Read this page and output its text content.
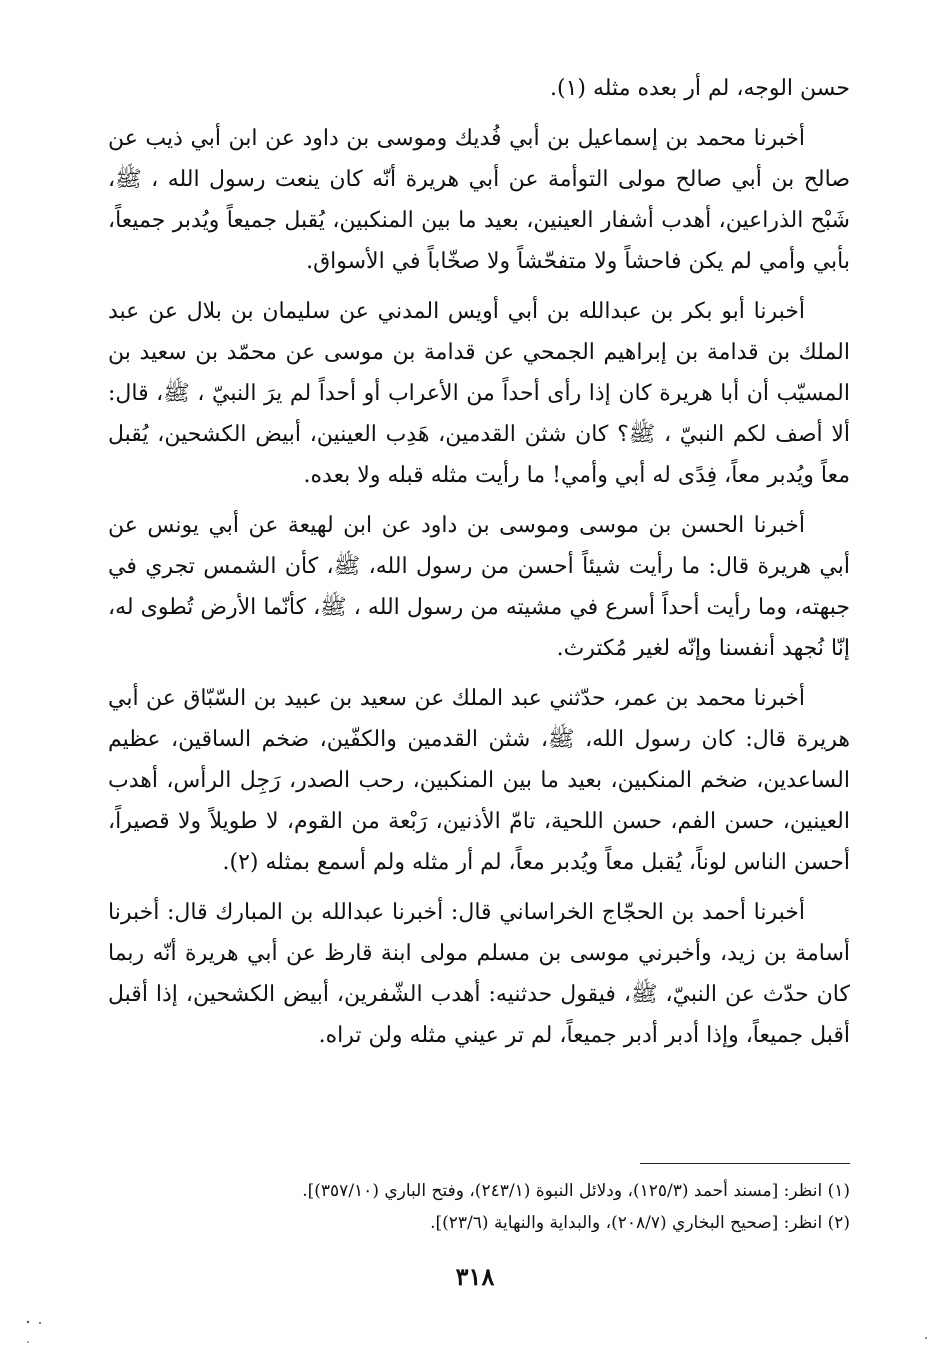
حسن الوجه، لم أر بعده مثله (١).

أخبرنا محمد بن إسماعيل بن أبي فُديك وموسى بن داود عن ابن أبي ذيب عن صالح بن أبي صالح مولى التوأمة عن أبي هريرة أنّه كان ينعت رسول الله ، ﷺ، شَبْح الذراعين، أهدب أشفار العينين، بعيد ما بين المنكبين، يُقبل جميعاً ويُدبر جميعاً، بأبي وأمي لم يكن فاحشاً ولا متفحّشاً ولا صخّاباً في الأسواق.

أخبرنا أبو بكر بن عبدالله بن أبي أويس المدني عن سليمان بن بلال عن عبد الملك بن قدامة بن إبراهيم الجمحي عن قدامة بن موسى عن محمّد بن سعيد بن المسيّب أن أبا هريرة كان إذا رأى أحداً من الأعراب أو أحداً لم يرَ النبيّ ، ﷺ، قال: ألا أصف لكم النبيّ ، ﷺ؟ كان شثن القدمين، هَدِب العينين، أبيض الكشحين، يُقبل معاً ويُدبر معاً، فِدًى له أبي وأمي! ما رأيت مثله قبله ولا بعده.

أخبرنا الحسن بن موسى وموسى بن داود عن ابن لهيعة عن أبي يونس عن أبي هريرة قال: ما رأيت شيئاً أحسن من رسول الله، ﷺ، كأن الشمس تجري في جبهته، وما رأيت أحداً أسرع في مشيته من رسول الله ، ﷺ، كأنّما الأرض تُطوى له، إنّا نُجهد أنفسنا وإنّه لغير مُكترث.

أخبرنا محمد بن عمر، حدّثني عبد الملك عن سعيد بن عبيد بن السّبّاق عن أبي هريرة قال: كان رسول الله، ﷺ، شثن القدمين والكفّين، ضخم الساقين، عظيم الساعدين، ضخم المنكبين، بعيد ما بين المنكبين، رحب الصدر، رَجِل الرأس، أهدب العينين، حسن الفم، حسن اللحية، تامّ الأذنين، رَبْعة من القوم، لا طويلاً ولا قصيراً، أحسن الناس لوناً، يُقبل معاً ويُدبر معاً، لم أر مثله ولم أسمع بمثله (٢).

أخبرنا أحمد بن الحجّاج الخراساني قال: أخبرنا عبدالله بن المبارك قال: أخبرنا أسامة بن زيد، وأخبرني موسى بن مسلم مولى ابنة قارظ عن أبي هريرة أنّه ربما كان حدّث عن النبيّ، ﷺ، فيقول حدثنيه: أهدب الشّفرين، أبيض الكشحين، إذا أقبل أقبل جميعاً، وإذا أدبر أدبر جميعاً، لم تر عيني مثله ولن تراه.

(١) انظر: [مسند أحمد (١٢٥/٣)، ودلائل النبوة (٢٤٣/١)، وفتح الباري (٣٥٧/١٠)].

(٢) انظر: [صحيح البخاري (٢٠٨/٧)، والبداية والنهاية (٢٣/٦)].

٣١٨
